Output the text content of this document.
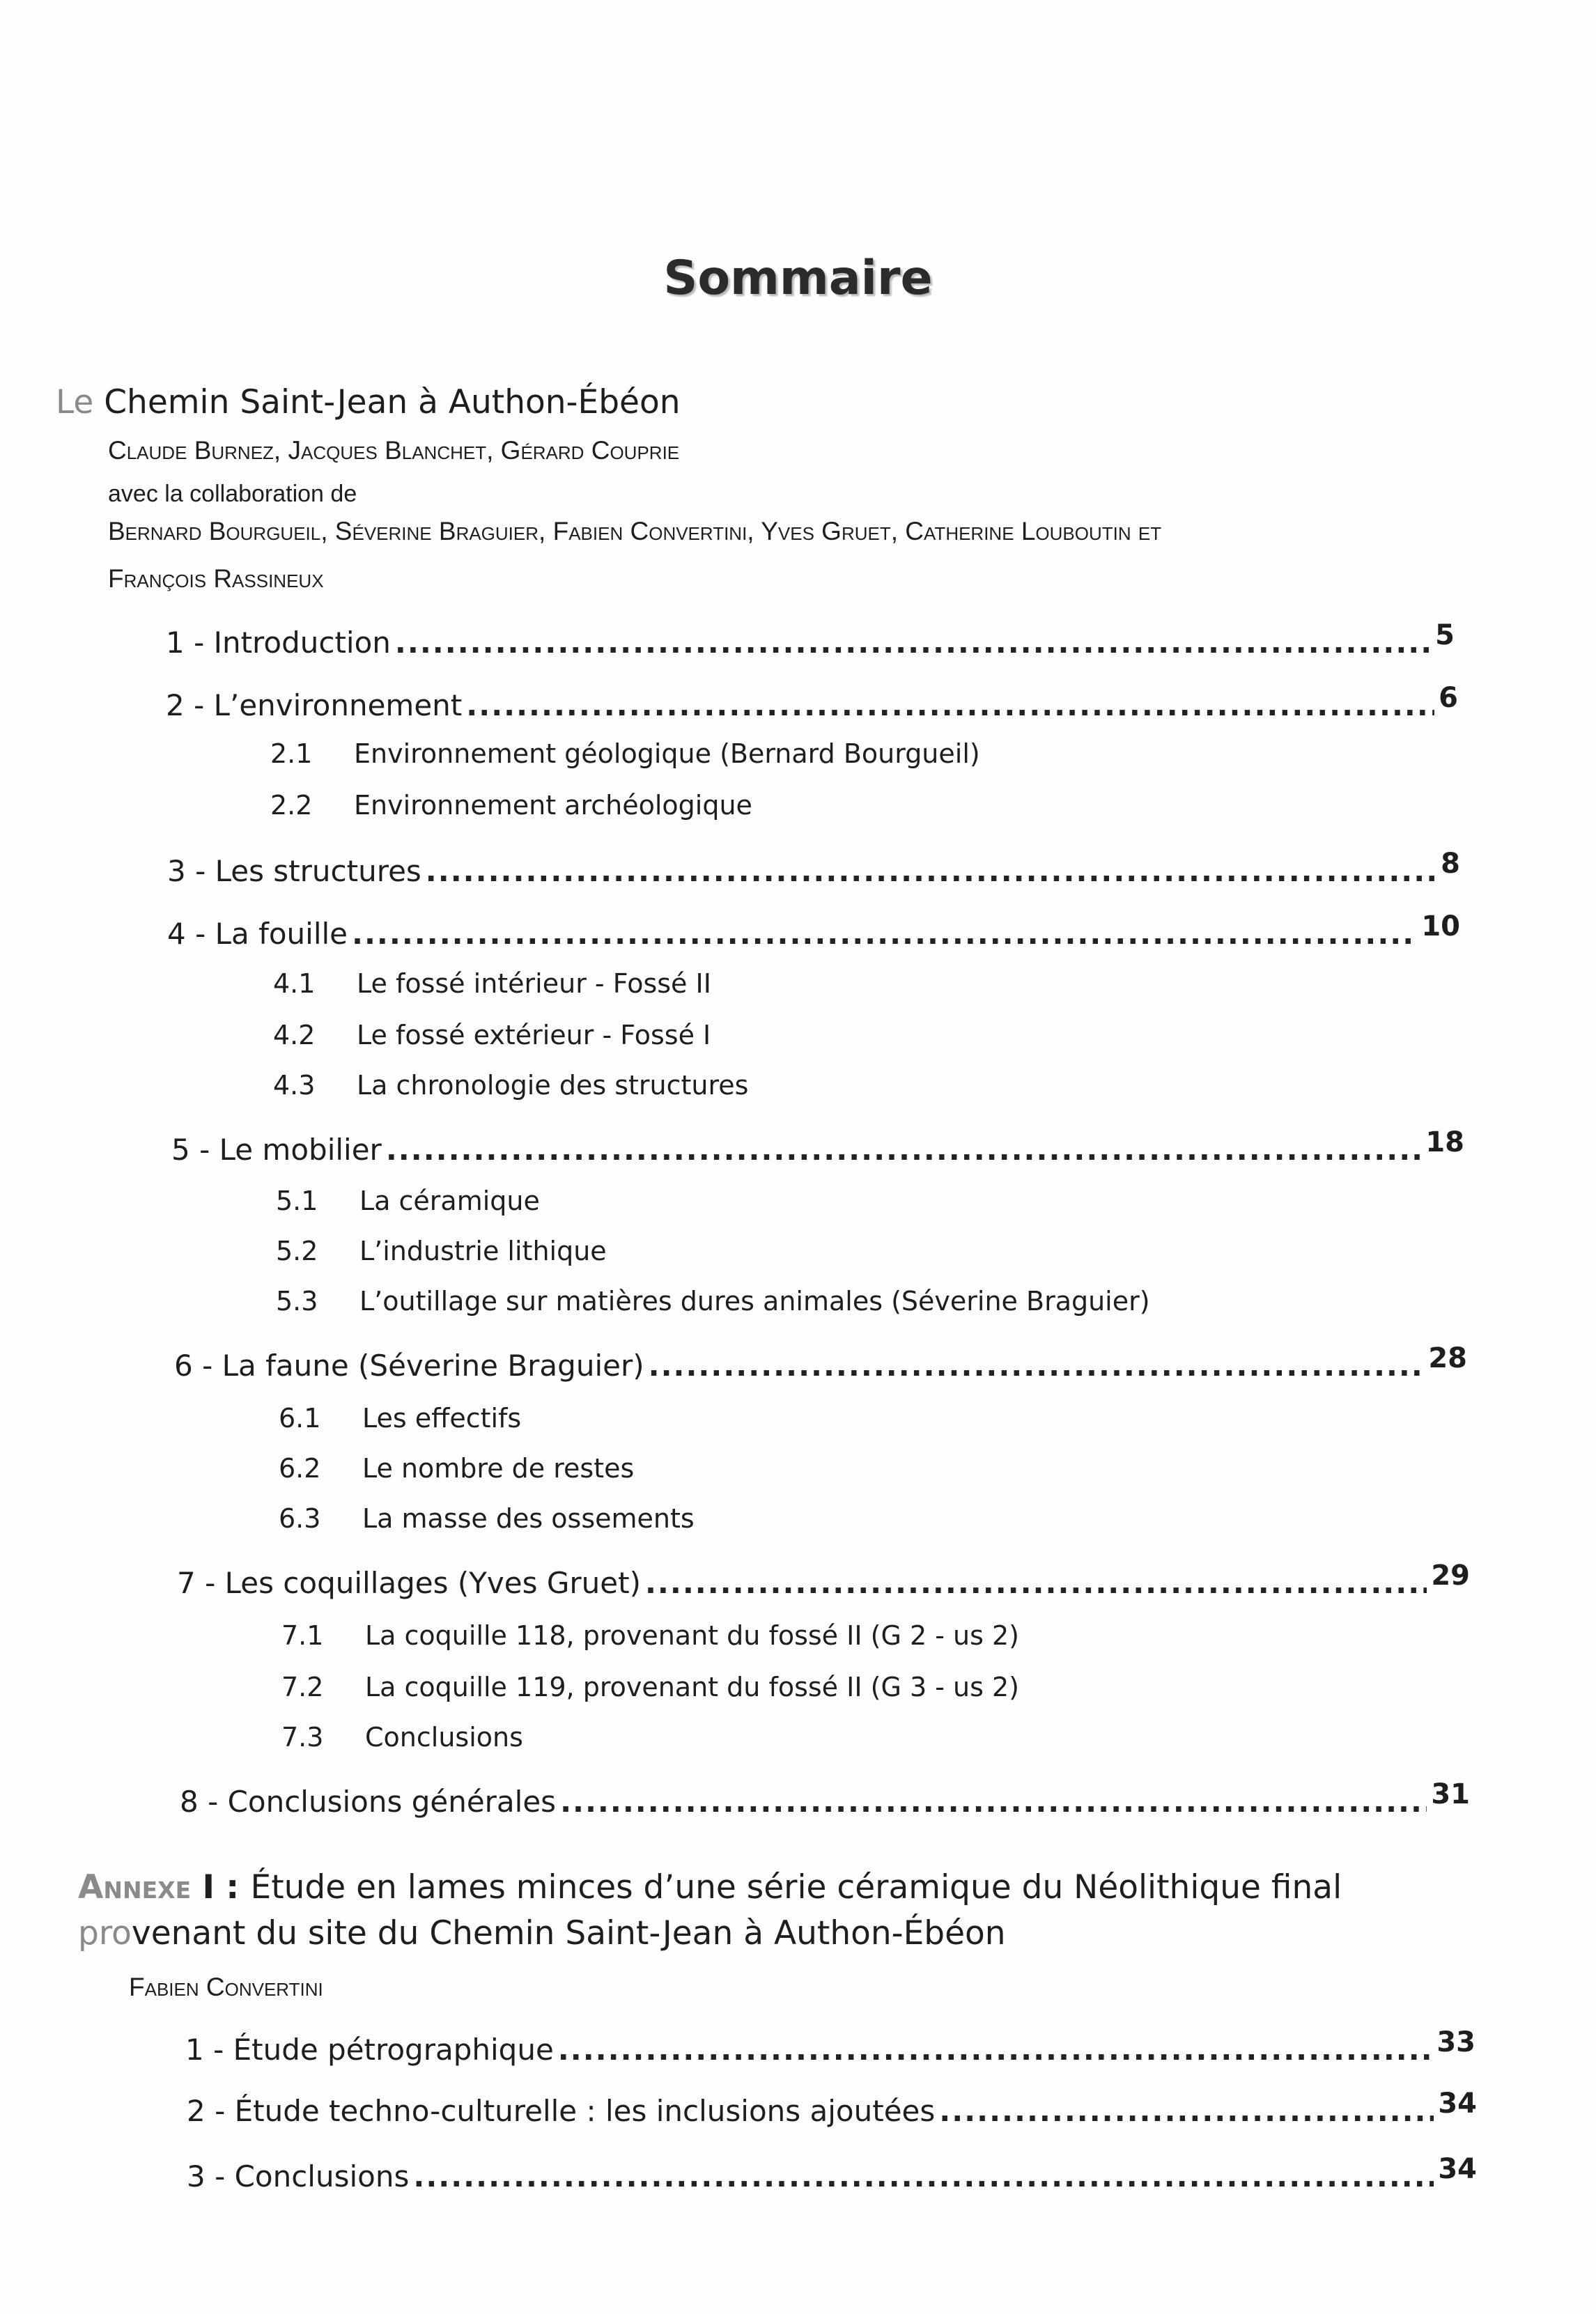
Sommaire
Le Chemin Saint-Jean à Authon-Ébéon
Claude Burnez, Jacques Blanchet, Gérard Couprie
avec la collaboration de
Bernard Bourgueil, Séverine Braguier, Fabien Convertini, Yves Gruet, Catherine Louboutin et
François Rassineux
1 - Introduction .....	5
2 - L’environnement .....	6
2.1 Environnement géologique (Bernard Bourgueil)
2.2 Environnement archéologique
3 - Les structures .....	8
4 - La fouille .....	10
4.1 Le fossé intérieur - Fossé II
4.2 Le fossé extérieur - Fossé I
4.3 La chronologie des structures
5 - Le mobilier .....	18
5.1 La céramique
5.2 L’industrie lithique
5.3 L’outillage sur matières dures animales (Séverine Braguier)
6 - La faune (Séverine Braguier) .....	28
6.1 Les effectifs
6.2 Le nombre de restes
6.3 La masse des ossements
7 - Les coquillages (Yves Gruet) .....	29
7.1 La coquille 118, provenant du fossé II (G 2 - us 2)
7.2 La coquille 119, provenant du fossé II (G 3 - us 2)
7.3 Conclusions
8 - Conclusions générales .....	31
Annexe I : Étude en lames minces d’une série céramique du Néolithique final
provenant du site du Chemin Saint-Jean à Authon-Ébéon
Fabien Convertini
1 - Étude pétrographique .....	33
2 - Étude techno-culturelle : les inclusions ajoutées .....	34
3 - Conclusions .....	34
